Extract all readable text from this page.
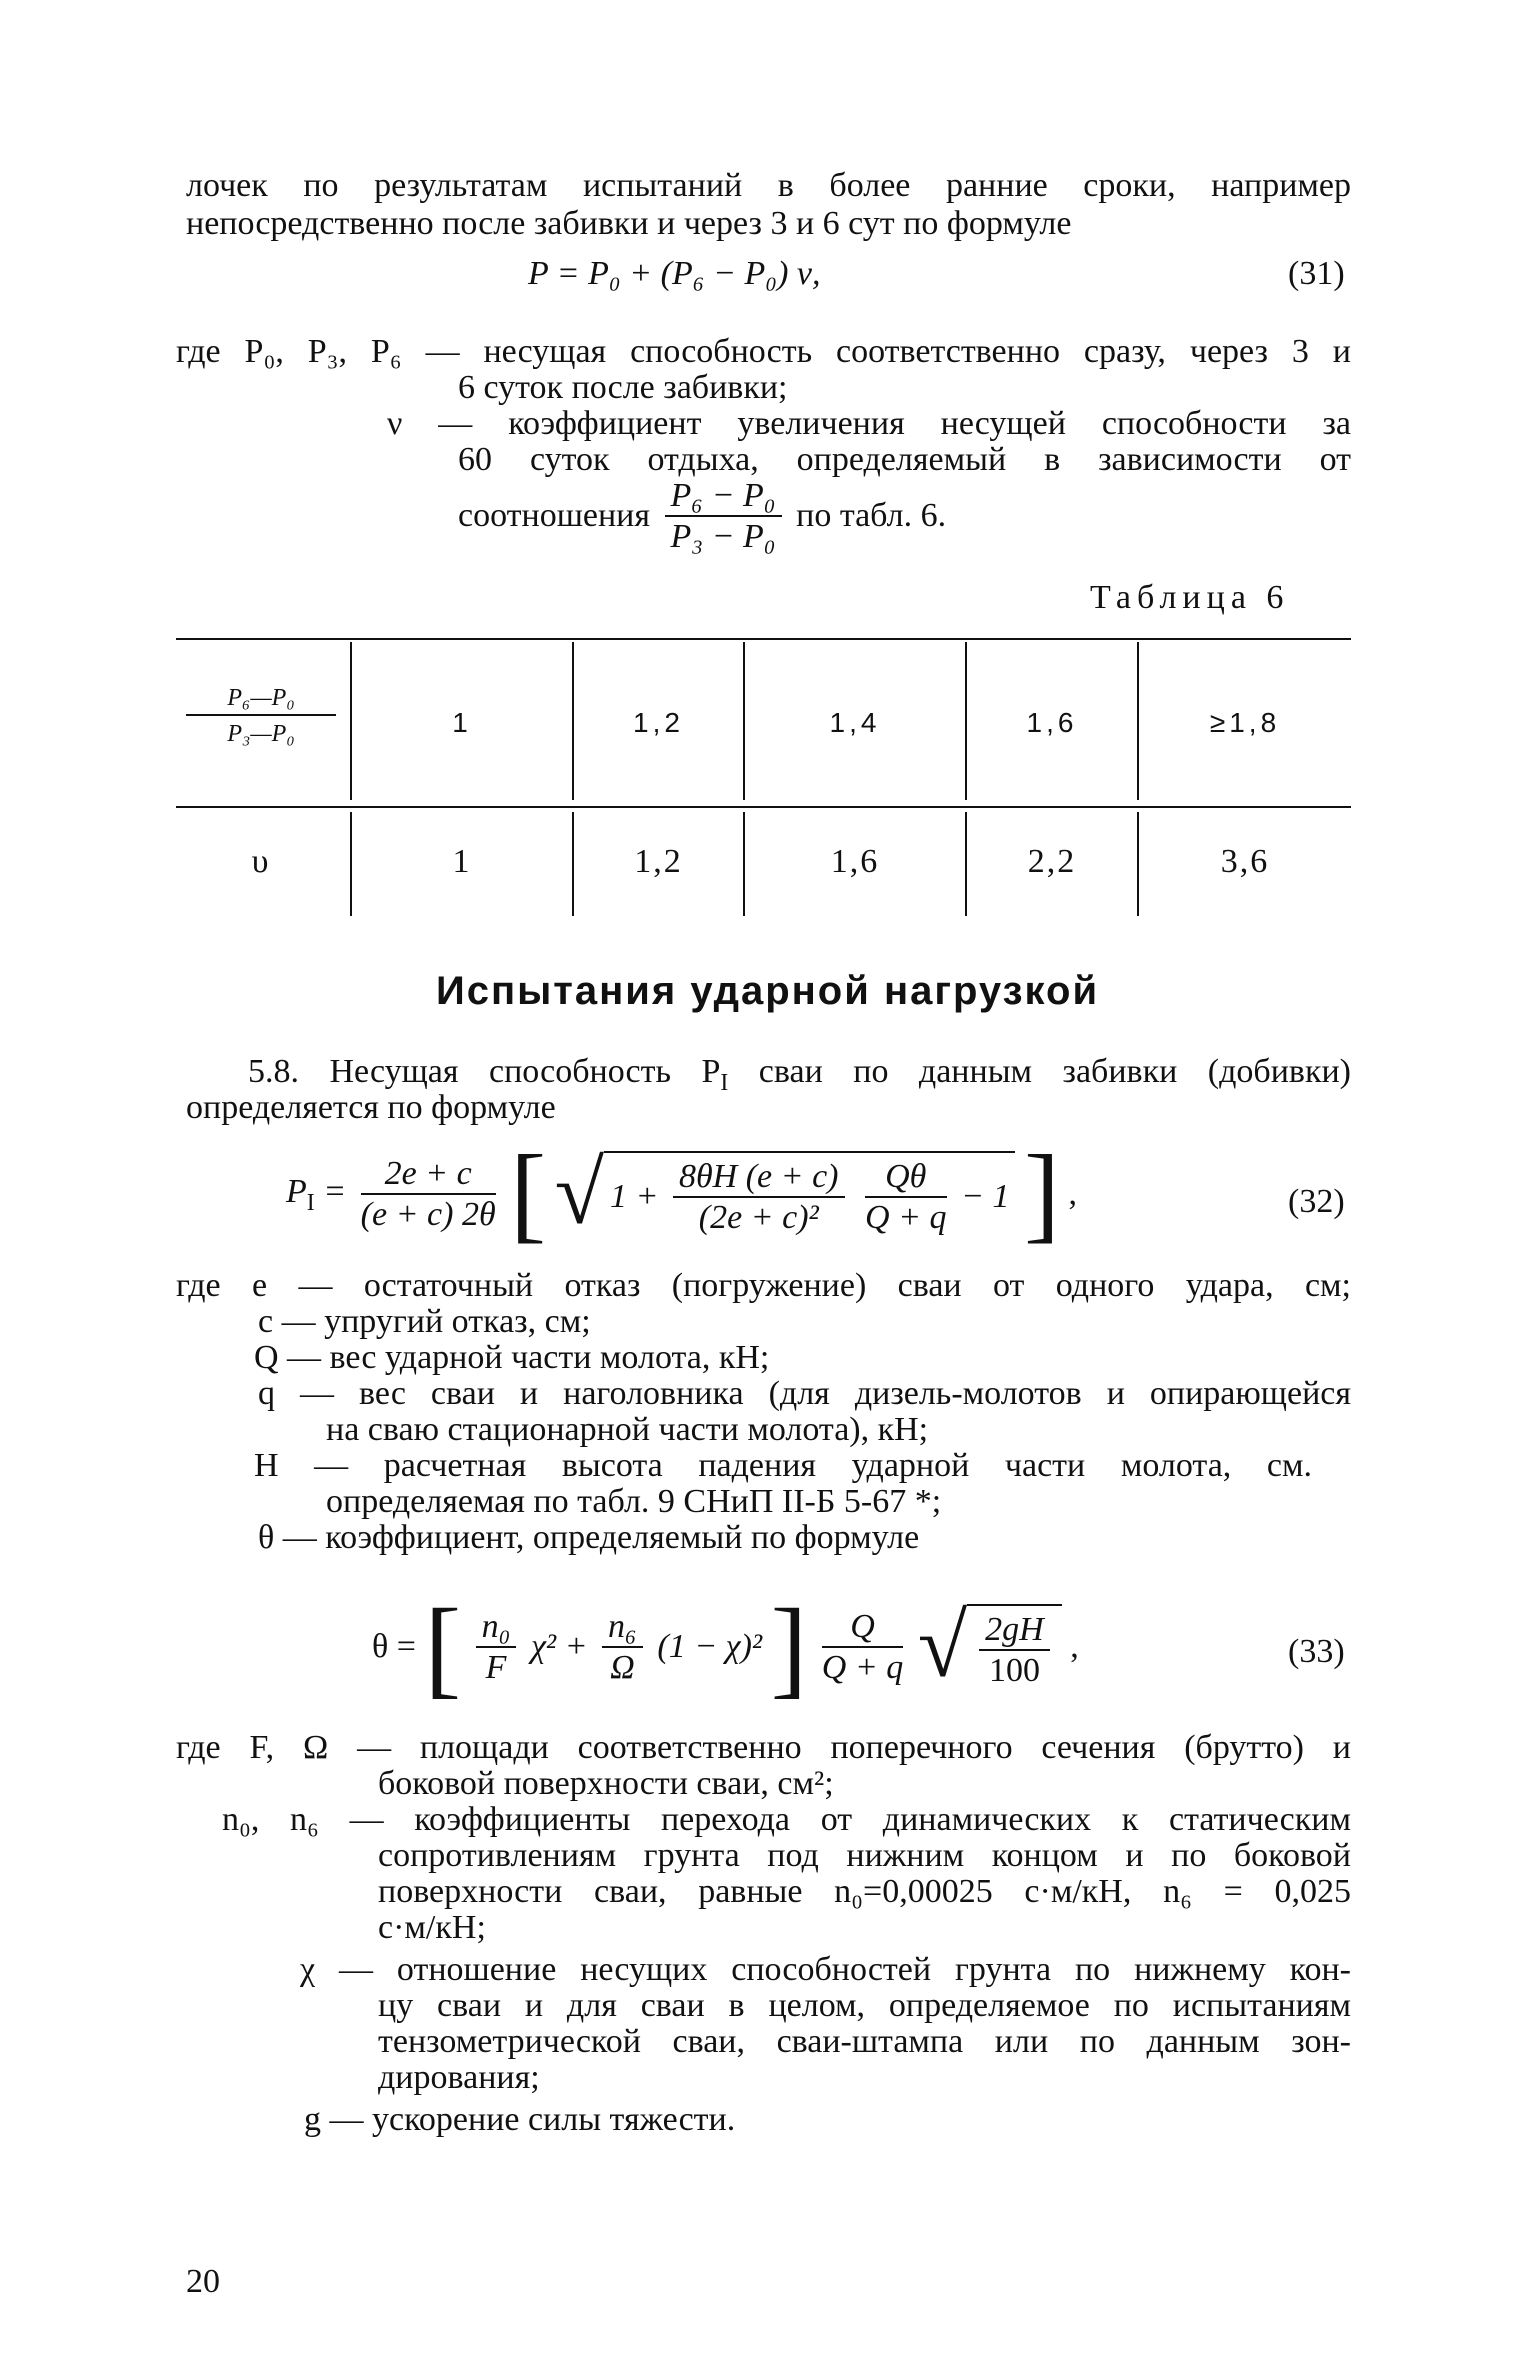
лочек по результатам испытаний в более ранние сроки, например
непосредственно после забивки и через 3 и 6 сут по формуле
P = P₀ + (P₆ − P₀) ν,	(31)
где P₀, P₃, P₆ — несущая способность соответственно сразу, через 3 и
6 суток после забивки;
ν — коэффициент увеличения несущей способности за
60 суток отдыха, определяемый в зависимости от
соотношения $\frac{\text{P₆ − P₀}}{\text{P₃ − P₀}}$ по табл. 6.
Таблица 6
$\frac{\text{P₆—P₀}}{\text{P₃—P₀}}$	1	1,2	1,4	1,6	≥1,8
υ	1	1,2	1,6	2,2	3,6
Испытания ударной нагрузкой
5.8. Несущая способность $P_I$ сваи по данным забивки (добивки)
определяется по формуле
$P_I = \frac{2e + c}{(e + c) 2\theta}$ [ √ $1 + \frac{8\theta H (e + c)}{\text{(2e + c)²}}$
$\frac{Q\theta}{Q + q} - 1$ ] ,	(32)
где e — остаточный отказ (погружение) сваи от одного удара, см;
c — упругий отказ, см;
Q — вес ударной части молота, кН;
q — вес сваи и наголовника (для дизель-молотов и опирающейся
на сваю стационарной части молота), кН;
H — расчетная высота падения ударной части молота, см.
определяемая по табл. 9 СНиП II-Б 5-67 *;
θ — коэффициент, определяемый по формуле
θ = [ $\frac{\text{n₀}}{F} \chi^2 + \frac{\text{n₆}}{\Omega} (1 - \chi)^2$ ] $\frac{Q}{Q + q}$ √ $\frac{2gH}{100}$ ,	(33)
где F, Ω — площади соответственно поперечного сечения (брутто) и
боковой поверхности сваи, см²;
n₀, n₆ — коэффициенты перехода от динамических к статическим
сопротивлениям грунта под нижним концом и по боковой
поверхности сваи, равные n₀=0,00025 с·м/кН, n₆ = 0,025
с·м/кН;
χ — отношение несущих способностей грунта по нижнему кон-
цу сваи и для сваи в целом, определяемое по испытаниям
тензометрической сваи, сваи-штампа или по данным зон-
дирования;
g — ускорение силы тяжести.
20
